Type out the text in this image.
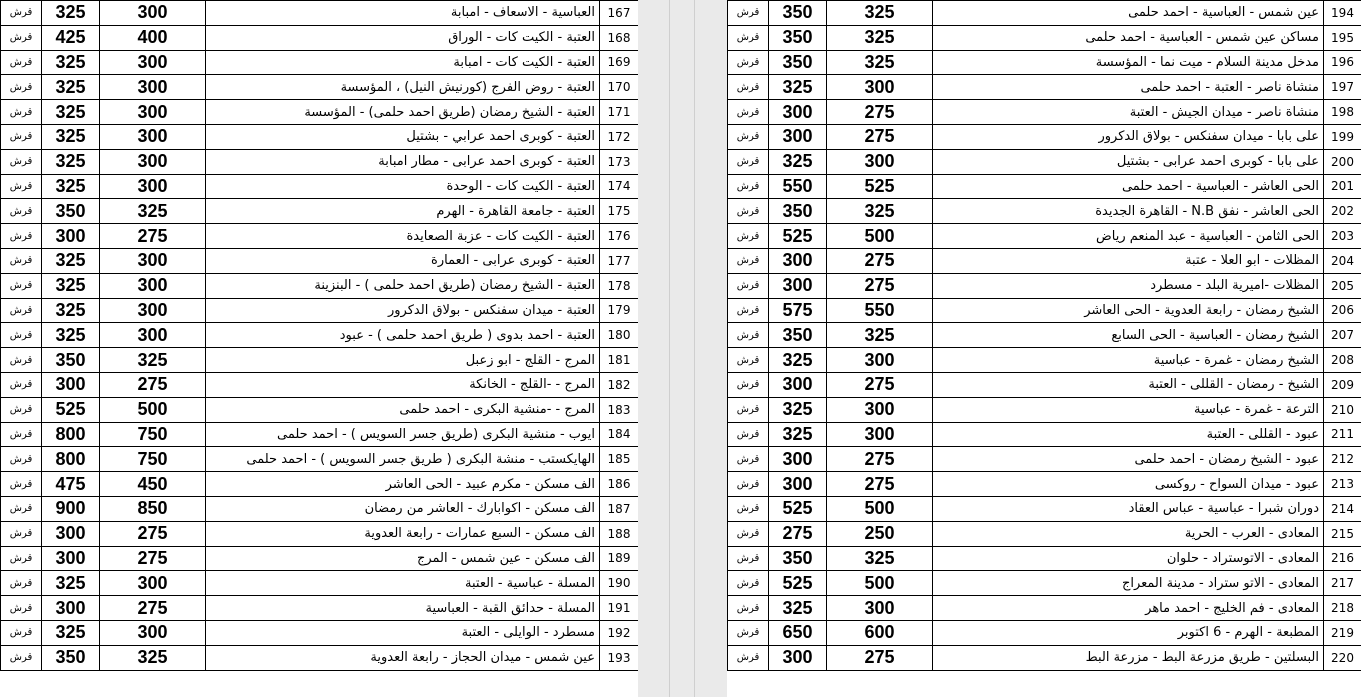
قرش	325	300	العباسية - الاسعاف - امبابة	167
قرش	425	400	العتبة - الكيت كات - الوراق	168
قرش	325	300	العتبة - الكيت كات - امبابة	169
قرش	325	300	العتبة - روض الفرج (كورنيش النيل) ، المؤسسة	170
قرش	325	300	العتبة - الشيخ رمضان (طريق احمد حلمى) - المؤسسة	171
قرش	325	300	العتبة - كوبرى احمد عرابي - بشتيل	172
قرش	325	300	العتبة - كوبرى احمد عرابى - مطار امبابة	173
قرش	325	300	العتبة - الكيت كات - الوحدة	174
قرش	350	325	العتبة - جامعة القاهرة - الهرم	175
قرش	300	275	العتبة - الكيت كات - عزبة الصعايدة	176
قرش	325	300	العتبة - كوبرى عرابى - العمارة	177
قرش	325	300	العتبة - الشيخ رمضان (طريق احمد حلمى ) - البنزينة	178
قرش	325	300	العتبة - ميدان سفنكس - بولاق الدكرور	179
قرش	325	300	العتبة - احمد بدوى ( طريق احمد حلمى ) - عبود	180
قرش	350	325	المرج - القلج - ابو زعبل	181
قرش	300	275	المرج - -القلج - الخانكة	182
قرش	525	500	المرج - -منشية البكرى - احمد حلمى	183
قرش	800	750	ايوب - منشية البكرى (طريق جسر السويس ) - احمد حلمى	184
قرش	800	750	الهايكستب - منشة البكرى ( طريق جسر السويس ) - احمد حلمى	185
قرش	475	450	الف مسكن - مكرم عبيد - الحى العاشر	186
قرش	900	850	الف مسكن - اكوابارك - العاشر من رمضان	187
قرش	300	275	الف مسكن - السبع عمارات - رابعة العدوية	188
قرش	300	275	الف مسكن - عين شمس - المرج	189
قرش	325	300	المسلة - عباسية - العتبة	190
قرش	300	275	المسلة - حدائق القبة - العباسية	191
قرش	325	300	مسطرد - الوايلى - العتبة	192
قرش	350	325	عين شمس - ميدان الحجاز - رابعة العدوية	193
قرش	350	325	عين شمس - العباسية - احمد حلمى	194
قرش	350	325	مساكن عين شمس - العباسية - احمد حلمى	195
قرش	350	325	مدخل مدينة السلام - ميت نما - المؤسسة	196
قرش	325	300	منشاة ناصر - العتبة - احمد حلمى	197
قرش	300	275	منشاة ناصر - ميدان الجيش - العتبة	198
قرش	300	275	على بابا - ميدان سفنكس - بولاق الدكرور	199
قرش	325	300	على بابا - كوبرى احمد عرابى - بشتيل	200
قرش	550	525	الحى العاشر - العباسية - احمد حلمى	201
قرش	350	325	الحى العاشر - نفق N.B - القاهرة الجديدة	202
قرش	525	500	الحى الثامن - العباسية - عبد المنعم رياض	203
قرش	300	275	المظلات - ابو العلا - عتبة	204
قرش	300	275	المظلات -اميرية البلد - مسطرد	205
قرش	575	550	الشيخ رمضان - رابعة العدوية - الحى العاشر	206
قرش	350	325	الشيخ رمضان - العباسية - الحى السابع	207
قرش	325	300	الشيخ رمضان - غمرة - عباسية	208
قرش	300	275	الشيخ - رمضان - القللى - العتبة	209
قرش	325	300	الترعة - غمرة - عباسية	210
قرش	325	300	عبود - القللى - العتبة	211
قرش	300	275	عبود - الشيخ رمضان - احمد حلمى	212
قرش	300	275	عبود - ميدان السواح - روكسى	213
قرش	525	500	دوران شبرا - عباسية - عباس العقاد	214
قرش	275	250	المعادى - العرب - الحرية	215
قرش	350	325	المعادى - الاتوستراد - حلوان	216
قرش	525	500	المعادى - الاتو ستراد - مدينة المعراج	217
قرش	325	300	المعادى - فم الخليج - احمد ماهر	218
قرش	650	600	المطبعة - الهرم - 6 اكتوبر	219
قرش	300	275	البسلتين - طريق مزرعة البط - مزرعة البط	220
